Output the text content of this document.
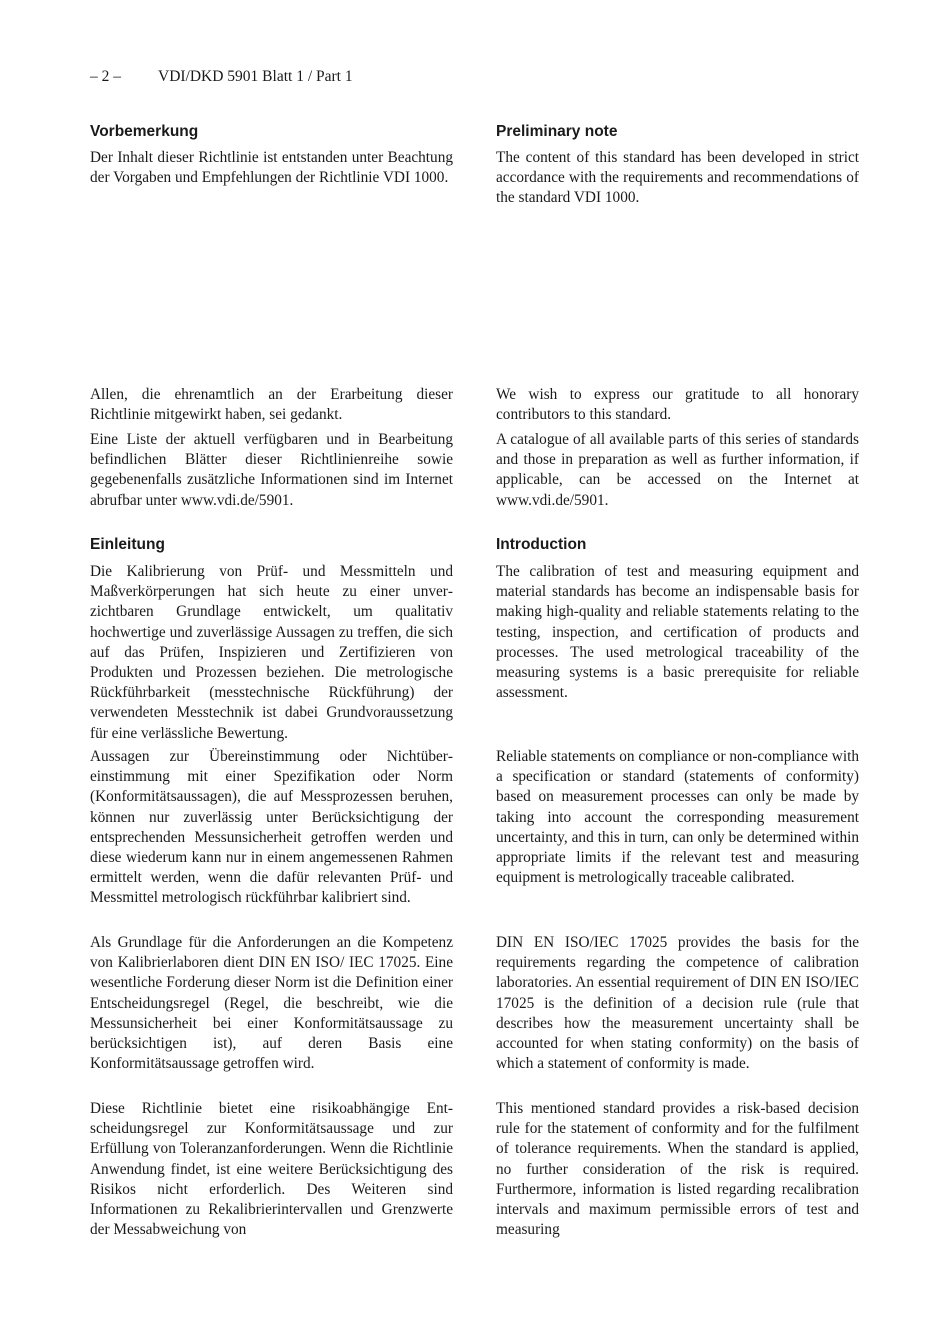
– 2 – VDI/DKD 5901 Blatt 1 / Part 1
Vorbemerkung

Der Inhalt dieser Richtlinie ist entstanden unter Beachtung der Vorgaben und Empfehlungen der Richtlinie VDI 1000.

Allen, die ehrenamtlich an der Erarbeitung dieser Richtlinie mitgewirkt haben, sei gedankt.

Eine Liste der aktuell verfügbaren und in Bearbeitung befindlichen Blätter dieser Richtlinienreihe sowie gegebenenfalls zusätzliche Informationen sind im Internet abrufbar unter www.vdi.de/5901.

Einleitung

Die Kalibrierung von Prüf- und Messmitteln und Maßverkörperungen hat sich heute zu einer unverzichtbaren Grundlage entwickelt, um qualitativ hochwertige und zuverlässige Aussagen zu treffen, die sich auf das Prüfen, Inspizieren und Zertifizieren von Produkten und Prozessen beziehen. Die metrologische Rückführbarkeit (messtechnische Rückführung) der verwendeten Messtechnik ist dabei Grundvoraussetzung für eine verlässliche Bewertung.

Aussagen zur Übereinstimmung oder Nichtübereinstimmung mit einer Spezifikation oder Norm (Konformitätsaussagen), die auf Messprozessen beruhen, können nur zuverlässig unter Berücksichtigung der entsprechenden Messunsicherheit getroffen werden und diese wiederum kann nur in einem angemessenen Rahmen ermittelt werden, wenn die dafür relevanten Prüf- und Messmittel metrologisch rückführbar kalibriert sind.

Als Grundlage für die Anforderungen an die Kompetenz von Kalibrierlaboren dient DIN EN ISO/ IEC 17025. Eine wesentliche Forderung dieser Norm ist die Definition einer Entscheidungsregel (Regel, die beschreibt, wie die Messunsicherheit bei einer Konformitätsaussage zu berücksichtigen ist), auf deren Basis eine Konformitätsaussage getroffen wird.

Diese Richtlinie bietet eine risikoabhängige Entscheidungsregel zur Konformitätsaussage und zur Erfüllung von Toleranzanforderungen. Wenn die Richtlinie Anwendung findet, ist eine weitere Berücksichtigung des Risikos nicht erforderlich. Des Weiteren sind Informationen zu Rekalibrierintervallen und Grenzwerte der Messabweichung von

Preliminary note

The content of this standard has been developed in strict accordance with the requirements and recommendations of the standard VDI 1000.

We wish to express our gratitude to all honorary contributors to this standard.

A catalogue of all available parts of this series of standards and those in preparation as well as further information, if applicable, can be accessed on the Internet at www.vdi.de/5901.

Introduction

The calibration of test and measuring equipment and material standards has become an indispensable basis for making high-quality and reliable statements relating to the testing, inspection, and certification of products and processes. The used metrological traceability of the measuring systems is a basic prerequisite for reliable assessment.

Reliable statements on compliance or non-compliance with a specification or standard (statements of conformity) based on measurement processes can only be made by taking into account the corresponding measurement uncertainty, and this in turn, can only be determined within appropriate limits if the relevant test and measuring equipment is metrologically traceable calibrated.

DIN EN ISO/IEC 17025 provides the basis for the requirements regarding the competence of calibration laboratories. An essential requirement of DIN EN ISO/IEC 17025 is the definition of a decision rule (rule that describes how the measurement uncertainty shall be accounted for when stating conformity) on the basis of which a statement of conformity is made.

This mentioned standard provides a risk-based decision rule for the statement of conformity and for the fulfilment of tolerance requirements. When the standard is applied, no further consideration of the risk is required. Furthermore, information is listed regarding recalibration intervals and maximum permissible errors of test and measuring
